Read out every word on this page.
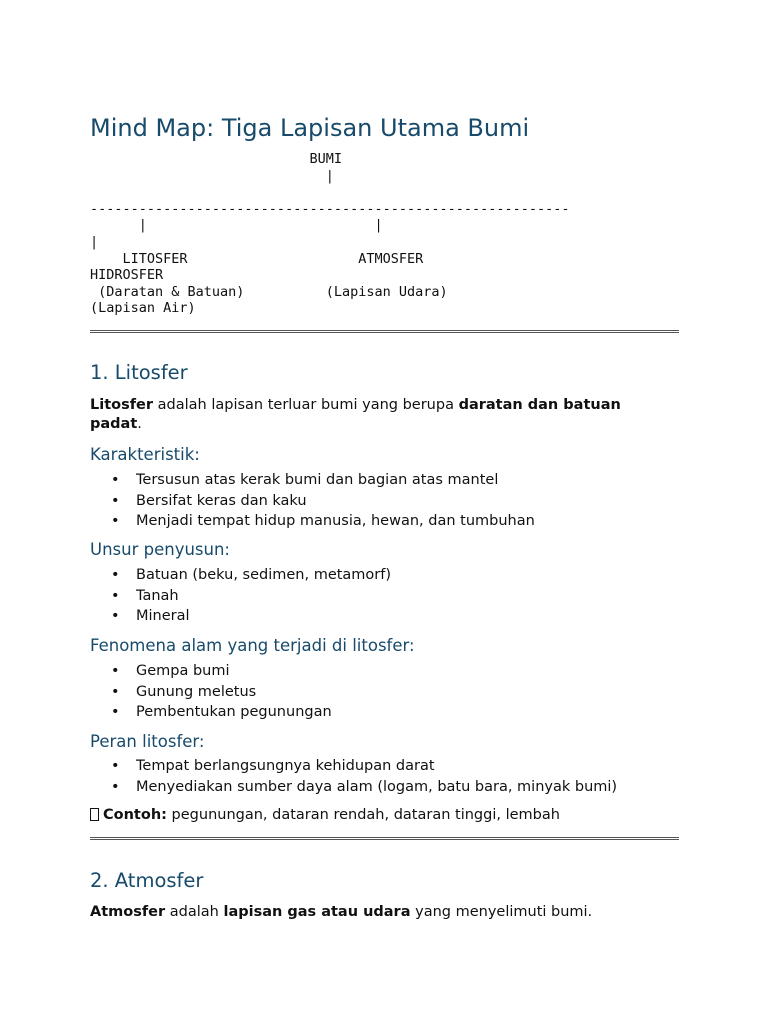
Mind Map: Tiga Lapisan Utama Bumi
BUMI
|

-----------------------------------------------------------
|                            |
|
LITOSFER                     ATMOSFER
HIDROSFER
(Daratan & Batuan)          (Lapisan Udara)
(Lapisan Air)
1. Litosfer

Litosfer adalah lapisan terluar bumi yang berupa daratan dan batuan padat.

Karakteristik:
• Tersusun atas kerak bumi dan bagian atas mantel
• Bersifat keras dan kaku
• Menjadi tempat hidup manusia, hewan, dan tumbuhan
Unsur penyusun:
• Batuan (beku, sedimen, metamorf)
• Tanah
• Mineral
Fenomena alam yang terjadi di litosfer:
• Gempa bumi
• Gunung meletus
• Pembentukan pegunungan
Peran litosfer:
• Tempat berlangsungnya kehidupan darat
• Menyediakan sumber daya alam (logam, batu bara, minyak bumi)

Contoh: pegunungan, dataran rendah, dataran tinggi, lembah

2. Atmosfer

Atmosfer adalah lapisan gas atau udara yang menyelimuti bumi.
